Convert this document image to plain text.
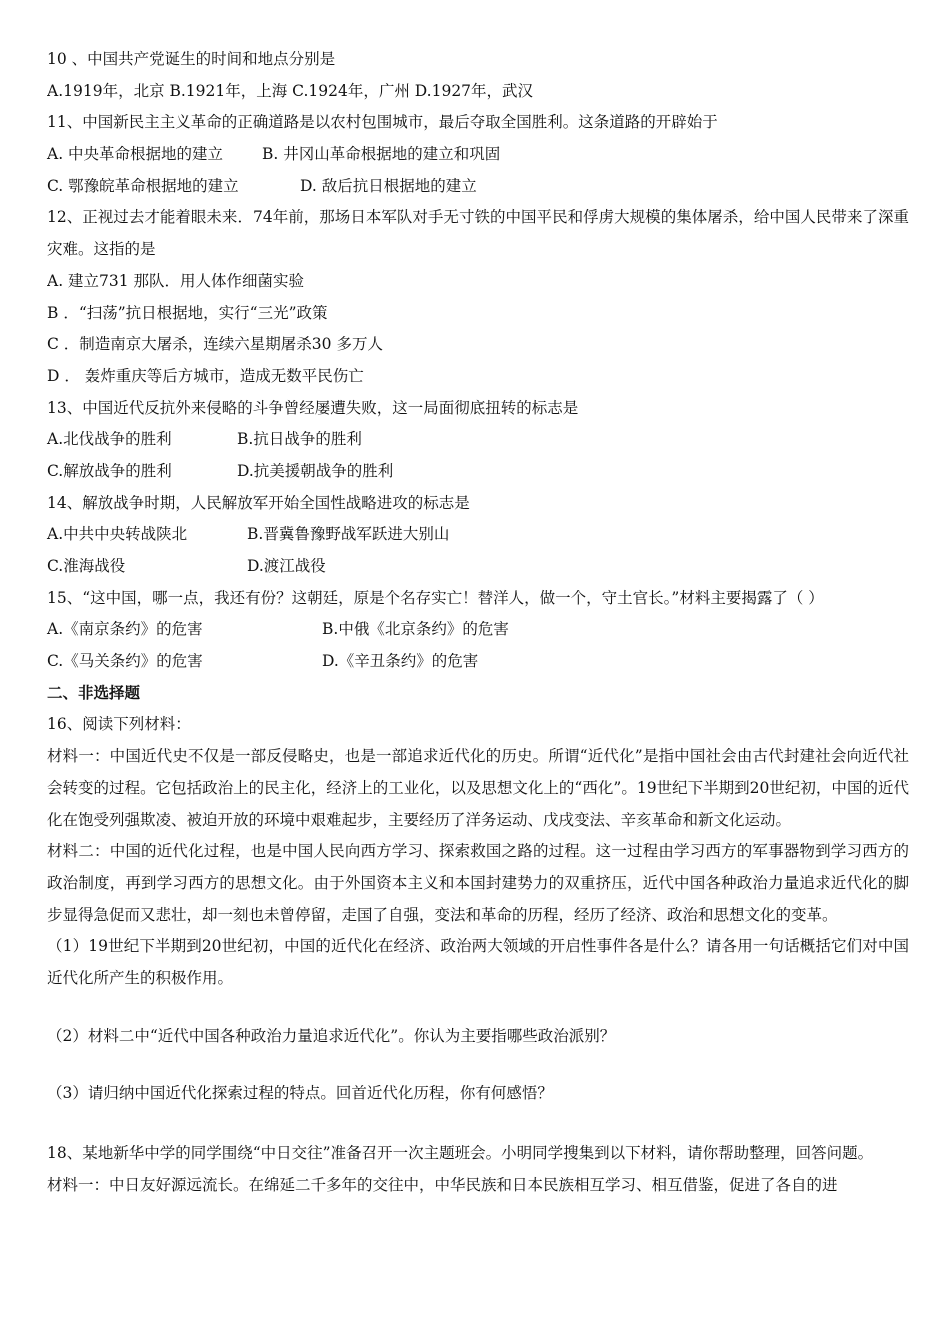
10 、中国共产党诞生的时间和地点分别是
A.1919年，北京 B.1921年，上海 C.1924年，广州 D.1927年，武汉
11、中国新民主主义革命的正确道路是以农村包围城市，最后夺取全国胜利。这条道路的开辟始于
A. 中央革命根据地的建立	B. 井冈山革命根据地的建立和巩固
C. 鄂豫皖革命根据地的建立	D. 敌后抗日根据地的建立
12、正视过去才能着眼未来．74年前，那场日本军队对手无寸铁的中国平民和俘虏大规模的集体屠杀，给中国人民带来了深重灾难。这指的是
A. 建立731 那队．用人体作细菌实验
B ．“扫荡”抗日根据地，实行“三光”政策
C ．制造南京大屠杀，连续六星期屠杀30 多万人
D ． 轰炸重庆等后方城市，造成无数平民伤亡
13、中国近代反抗外来侵略的斗争曾经屡遭失败，这一局面彻底扭转的标志是
A.北伐战争的胜利	B.抗日战争的胜利
C.解放战争的胜利	D.抗美援朝战争的胜利
14、解放战争时期，人民解放军开始全国性战略进攻的标志是
A.中共中央转战陕北	B.晋冀鲁豫野战军跃进大别山
C.淮海战役	D.渡江战役
15、“这中国，哪一点，我还有份？这朝廷，原是个名存实亡！替洋人，做一个，守土官长。”材料主要揭露了（ ）
A.《南京条约》的危害	B.中俄《北京条约》的危害
C.《马关条约》的危害	D.《辛丑条约》的危害
二、非选择题
16、阅读下列材料：
材料一：中国近代史不仅是一部反侵略史，也是一部追求近代化的历史。所谓“近代化”是指中国社会由古代封建社会向近代社会转变的过程。它包括政治上的民主化，经济上的工业化，以及思想文化上的“西化”。19世纪下半期到20世纪初，中国的近代化在饱受列强欺凌、被迫开放的环境中艰难起步，主要经历了洋务运动、戊戌变法、辛亥革命和新文化运动。
材料二：中国的近代化过程，也是中国人民向西方学习、探索救国之路的过程。这一过程由学习西方的军事器物到学习西方的政治制度，再到学习西方的思想文化。由于外国资本主义和本国封建势力的双重挤压，近代中国各种政治力量追求近代化的脚步显得急促而又悲壮，却一刻也未曾停留，走国了自强，变法和革命的历程，经历了经济、政治和思想文化的变革。
（1）19世纪下半期到20世纪初，中国的近代化在经济、政治两大领域的开启性事件各是什么？请各用一句话概括它们对中国近代化所产生的积极作用。
（2）材料二中“近代中国各种政治力量追求近代化”。你认为主要指哪些政治派别？
（3）请归纳中国近代化探索过程的特点。回首近代化历程，你有何感悟？
18、某地新华中学的同学围绕“中日交往”准备召开一次主题班会。小明同学搜集到以下材料，请你帮助整理，回答问题。
材料一：中日友好源远流长。在绵延二千多年的交往中，中华民族和日本民族相互学习、相互借鉴，促进了各自的进
